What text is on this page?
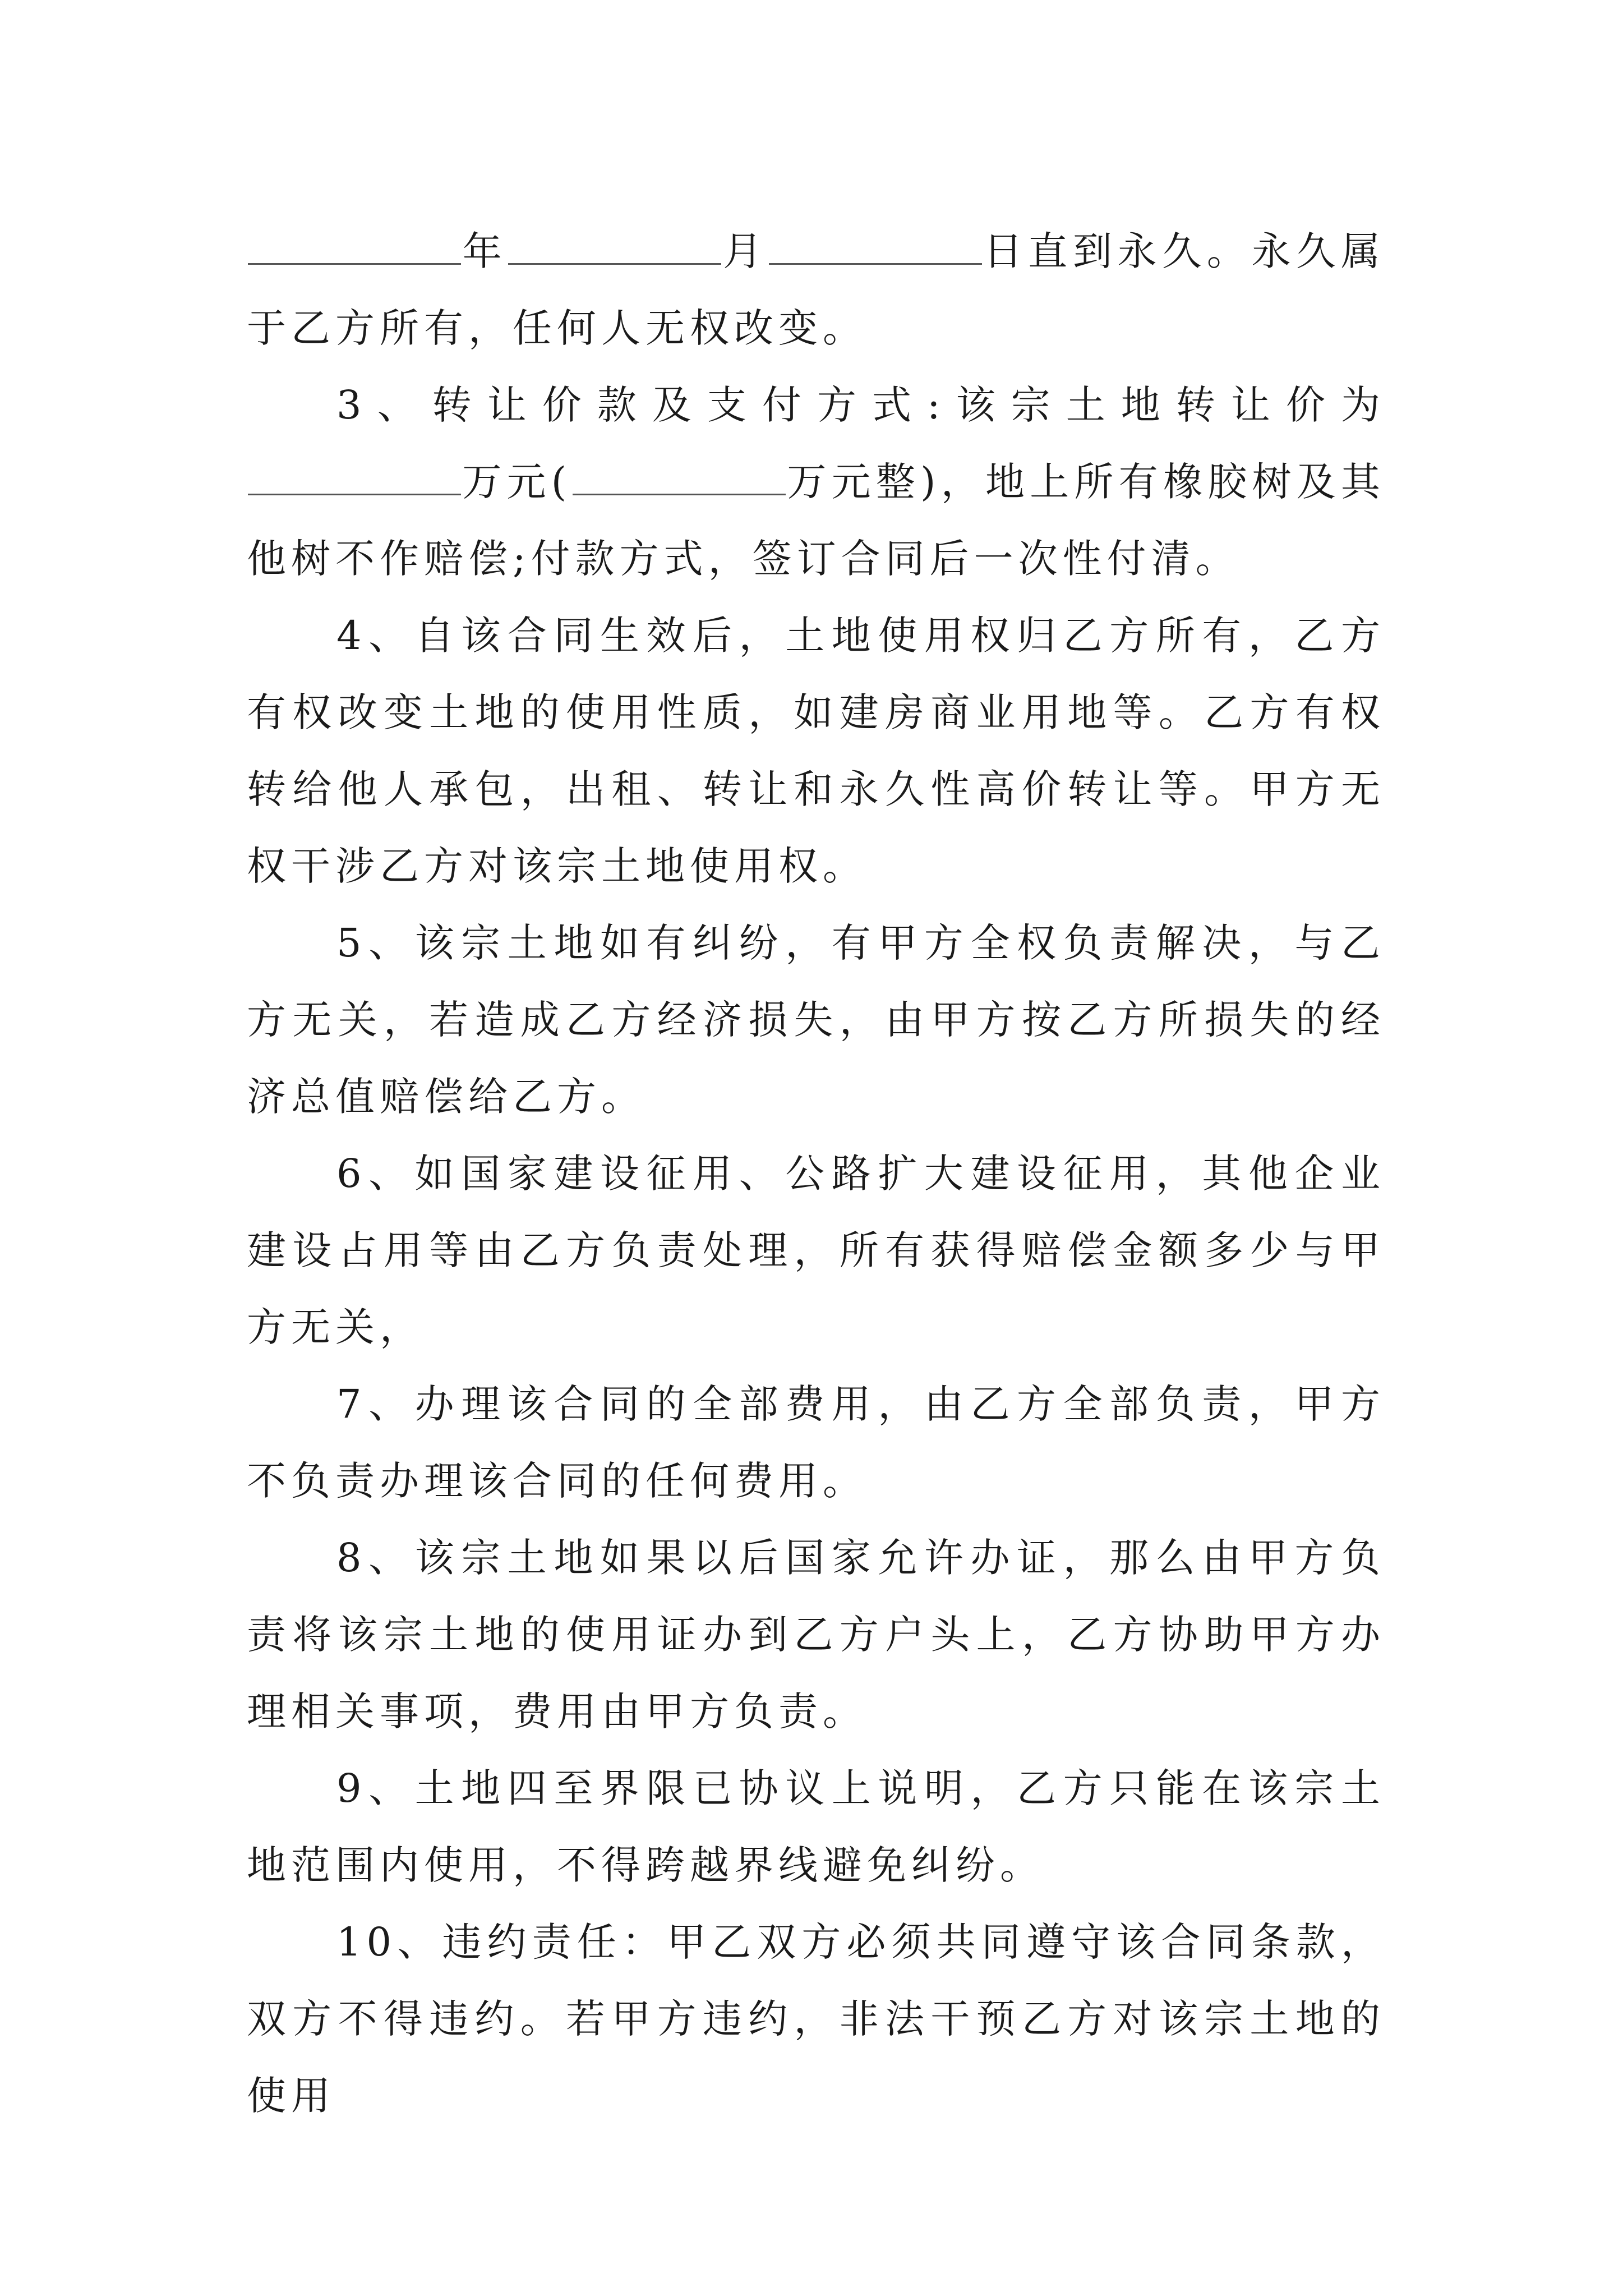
年	月	日直到永久。永久属于乙方所有，任何人无权改变。

3、转让价款及支付方式:该宗土地转让价为万元(	万元整)，地上所有橡胶树及其他树不作赔偿;付款方式，签订合同后一次性付清。

4、自该合同生效后，土地使用权归乙方所有，乙方有权改变土地的使用性质，如建房商业用地等。乙方有权转给他人承包，出租、转让和永久性高价转让等。甲方无权干涉乙方对该宗土地使用权。

5、该宗土地如有纠纷，有甲方全权负责解决，与乙方无关，若造成乙方经济损失，由甲方按乙方所损失的经济总值赔偿给乙方。

6、如国家建设征用、公路扩大建设征用，其他企业建设占用等由乙方负责处理，所有获得赔偿金额多少与甲方无关，

7、办理该合同的全部费用，由乙方全部负责，甲方不负责办理该合同的任何费用。

8、该宗土地如果以后国家允许办证，那么由甲方负责将该宗土地的使用证办到乙方户头上，乙方协助甲方办理相关事项，费用由甲方负责。

9、土地四至界限已协议上说明，乙方只能在该宗土地范围内使用，不得跨越界线避免纠纷。

10、违约责任：甲乙双方必须共同遵守该合同条款，双方不得违约。若甲方违约，非法干预乙方对该宗土地的使用
